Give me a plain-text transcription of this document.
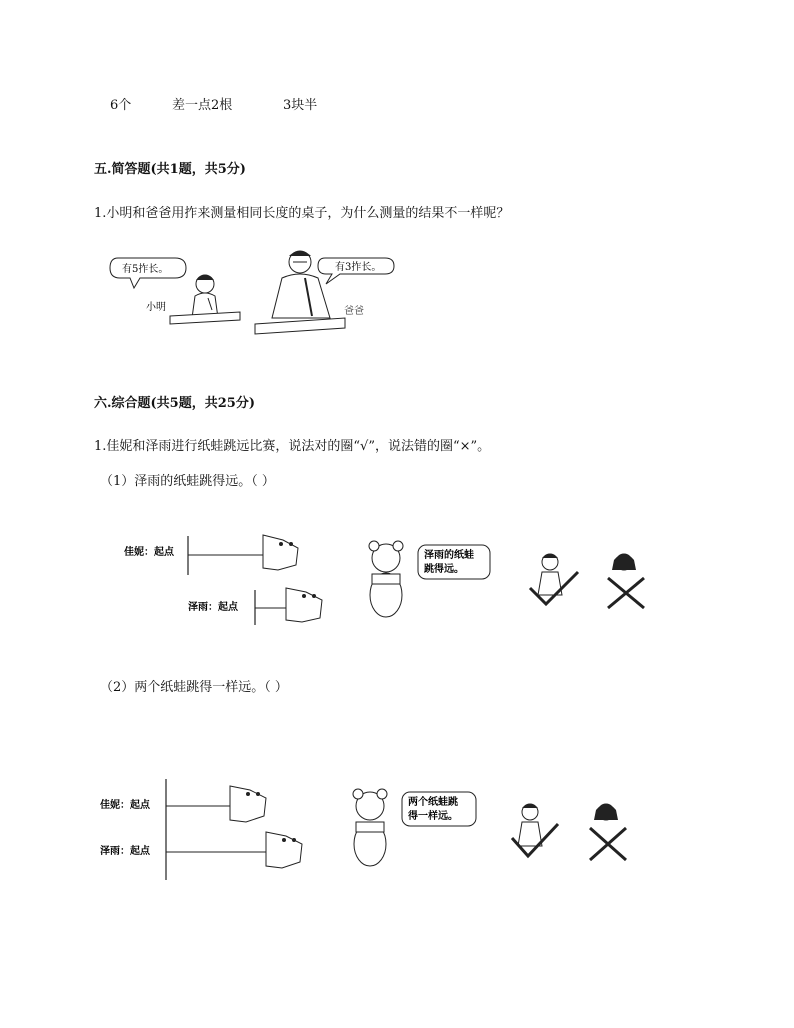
6个	差一点2根	3块半
五.简答题(共1题，共5分)
1.小明和爸爸用拃来测量相同长度的桌子，为什么测量的结果不一样呢？
有5拃长。
小明
有3拃长。
爸爸
六.综合题(共5题，共25分)
1.佳妮和泽雨进行纸蛙跳远比赛，说法对的圈“√”，说法错的圈“×”。
（1）泽雨的纸蛙跳得远。（ ）
佳妮：起点
泽雨：起点
泽雨的纸蛙
跳得远。
（2）两个纸蛙跳得一样远。（ ）
佳妮：起点
泽雨：起点
两个纸蛙跳
得一样远。
